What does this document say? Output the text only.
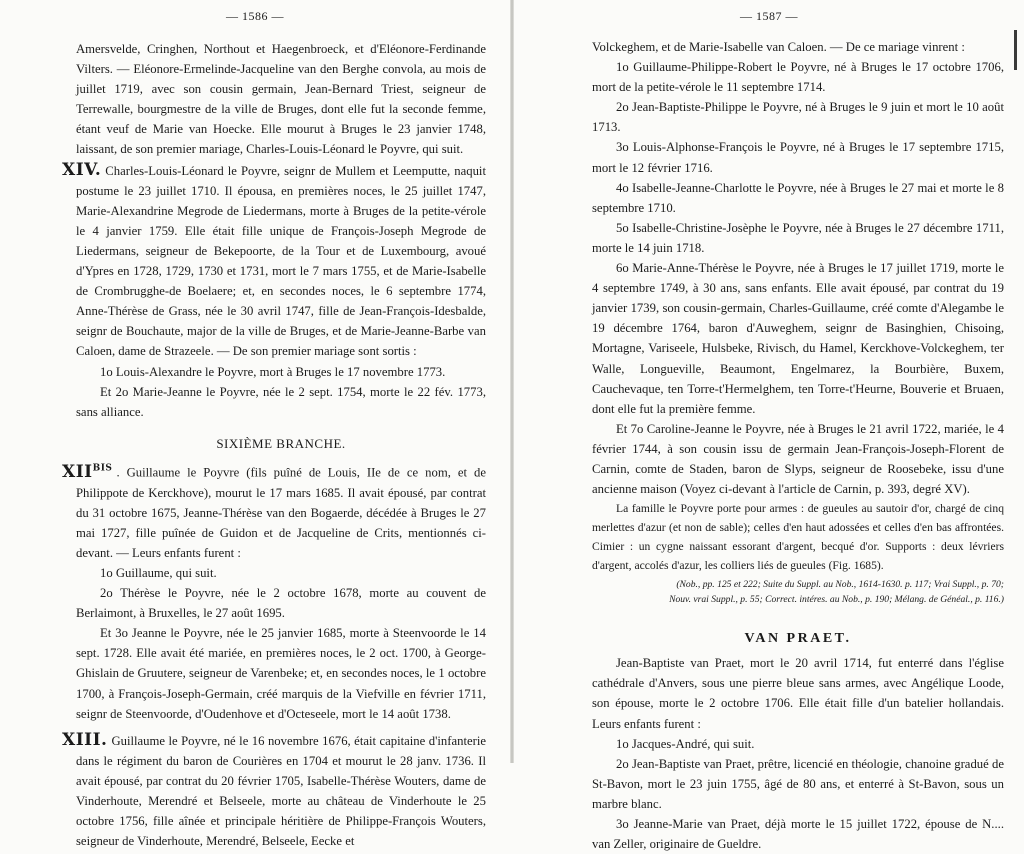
— 1586 —

Amersvelde, Cringhen, Northout et Haegenbroeck, et d'Eléonore-Ferdinande Vilters. — Eléonore-Ermelinde-Jacqueline van den Berghe convola, au mois de juillet 1719, avec son cousin germain, Jean-Bernard Triest, seigneur de Terrewalle, bourgmestre de la ville de Bruges, dont elle fut la seconde femme, étant veuf de Marie van Hoecke. Elle mourut à Bruges le 23 janvier 1748, laissant, de son premier mariage, Charles-Louis-Léonard le Poyvre, qui suit.

XIV. Charles-Louis-Léonard le Poyvre, seignr de Mullem et Leemputte, naquit postume le 23 juillet 1710. Il épousa, en premières noces, le 25 juillet 1747, Marie-Alexandrine Megrode de Liedermans, morte à Bruges de la petite-vérole le 4 janvier 1759. Elle était fille unique de François-Joseph Megrode de Liedermans, seigneur de Bekepoorte, de la Tour et de Luxembourg, avoué d'Ypres en 1728, 1729, 1730 et 1731, mort le 7 mars 1755, et de Marie-Isabelle de Crombrugghe-de Boelaere; et, en secondes noces, le 6 septembre 1774, Anne-Thérèse de Grass, née le 30 avril 1747, fille de Jean-François-Idesbalde, seignr de Bouchaute, major de la ville de Bruges, et de Marie-Jeanne-Barbe van Caloen, dame de Strazeele. — De son premier mariage sont sortis :

1o Louis-Alexandre le Poyvre, mort à Bruges le 17 novembre 1773.

Et 2o Marie-Jeanne le Poyvre, née le 2 sept. 1754, morte le 22 fév. 1773, sans alliance.

SIXIÈME BRANCHE.

$XII^{BIS}$ . Guillaume le Poyvre (fils puîné de Louis, IIe de ce nom, et de Philippote de Kerckhove), mourut le 17 mars 1685. Il avait épousé, par contrat du 31 octobre 1675, Jeanne-Thérèse van den Bogaerde, décédée à Bruges le 27 mai 1727, fille puînée de Guidon et de Jacqueline de Crits, mentionnés ci-devant. — Leurs enfants furent :

1o Guillaume, qui suit.

2o Thérèse le Poyvre, née le 2 octobre 1678, morte au couvent de Berlaimont, à Bruxelles, le 27 août 1695.

Et 3o Jeanne le Poyvre, née le 25 janvier 1685, morte à Steenvoorde le 14 sept. 1728. Elle avait été mariée, en premières noces, le 2 oct. 1700, à George-Ghislain de Gruutere, seigneur de Varenbeke; et, en secondes noces, le 1 octobre 1700, à François-Joseph-Germain, créé marquis de la Viefville en février 1711, seignr de Steenvoorde, d'Oudenhove et d'Octeseele, mort le 14 août 1738.

XIII. Guillaume le Poyvre, né le 16 novembre 1676, était capitaine d'infanterie dans le régiment du baron de Courières en 1704 et mourut le 28 janv. 1736. Il avait épousé, par contrat du 20 février 1705, Isabelle-Thérèse Wouters, dame de Vinderhoute, Merendré et Belseele, morte au château de Vinderhoute le 25 octobre 1756, fille aînée et principale héritière de Philippe-François Wouters, seigneur de Vinderhoute, Merendré, Belseele, Eecke et

— 1587 —

Volckeghem, et de Marie-Isabelle van Caloen. — De ce mariage vinrent :

1o Guillaume-Philippe-Robert le Poyvre, né à Bruges le 17 octobre 1706, mort de la petite-vérole le 11 septembre 1714.

2o Jean-Baptiste-Philippe le Poyvre, né à Bruges le 9 juin et mort le 10 août 1713.

3o Louis-Alphonse-François le Poyvre, né à Bruges le 17 septembre 1715, mort le 12 février 1716.

4o Isabelle-Jeanne-Charlotte le Poyvre, née à Bruges le 27 mai et morte le 8 septembre 1710.

5o Isabelle-Christine-Josèphe le Poyvre, née à Bruges le 27 décembre 1711, morte le 14 juin 1718.

6o Marie-Anne-Thérèse le Poyvre, née à Bruges le 17 juillet 1719, morte le 4 septembre 1749, à 30 ans, sans enfants. Elle avait épousé, par contrat du 19 janvier 1739, son cousin-germain, Charles-Guillaume, créé comte d'Alegambe le 19 décembre 1764, baron d'Auweghem, seignr de Basinghien, Chisoing, Mortagne, Variseele, Hulsbeke, Rivisch, du Hamel, Kerckhove-Volckeghem, ter Walle, Longueville, Beaumont, Engelmarez, la Bourbière, Buxem, Cauchevaque, ten Torre-t'Hermelghem, ten Torre-t'Heurne, Bouverie et Bruaen, dont elle fut la première femme.

Et 7o Caroline-Jeanne le Poyvre, née à Bruges le 21 avril 1722, mariée, le 4 février 1744, à son cousin issu de germain Jean-François-Joseph-Florent de Carnin, comte de Staden, baron de Slyps, seigneur de Roosebeke, issu d'une ancienne maison (Voyez ci-devant à l'article de Carnin, p. 393, degré XV).

La famille le Poyvre porte pour armes : de gueules au sautoir d'or, chargé de cinq merlettes d'azur (et non de sable); celles d'en haut adossées et celles d'en bas affrontées. Cimier : un cygne naissant essorant d'argent, becqué d'or. Supports : deux lévriers d'argent, accolés d'azur, les colliers liés de gueules (Fig. 1685).

(Nob., pp. 125 et 222; Suite du Suppl. au Nob., 1614-1630. p. 117; Vrai Suppl., p. 70;
Nouv. vrai Suppl., p. 55; Correct. intéres. au Nob., p. 190; Mélang. de Généal., p. 116.)

VAN PRAET.

Jean-Baptiste van Praet, mort le 20 avril 1714, fut enterré dans l'église cathédrale d'Anvers, sous une pierre bleue sans armes, avec Angélique Loode, son épouse, morte le 2 octobre 1706. Elle était fille d'un batelier hollandais. Leurs enfants furent :

1o Jacques-André, qui suit.

2o Jean-Baptiste van Praet, prêtre, licencié en théologie, chanoine gradué de St-Bavon, mort le 23 juin 1755, âgé de 80 ans, et enterré à St-Bavon, sous un marbre blanc.

3o Jeanne-Marie van Praet, déjà morte le 15 juillet 1722, épouse de N.... van Zeller, originaire de Gueldre.
